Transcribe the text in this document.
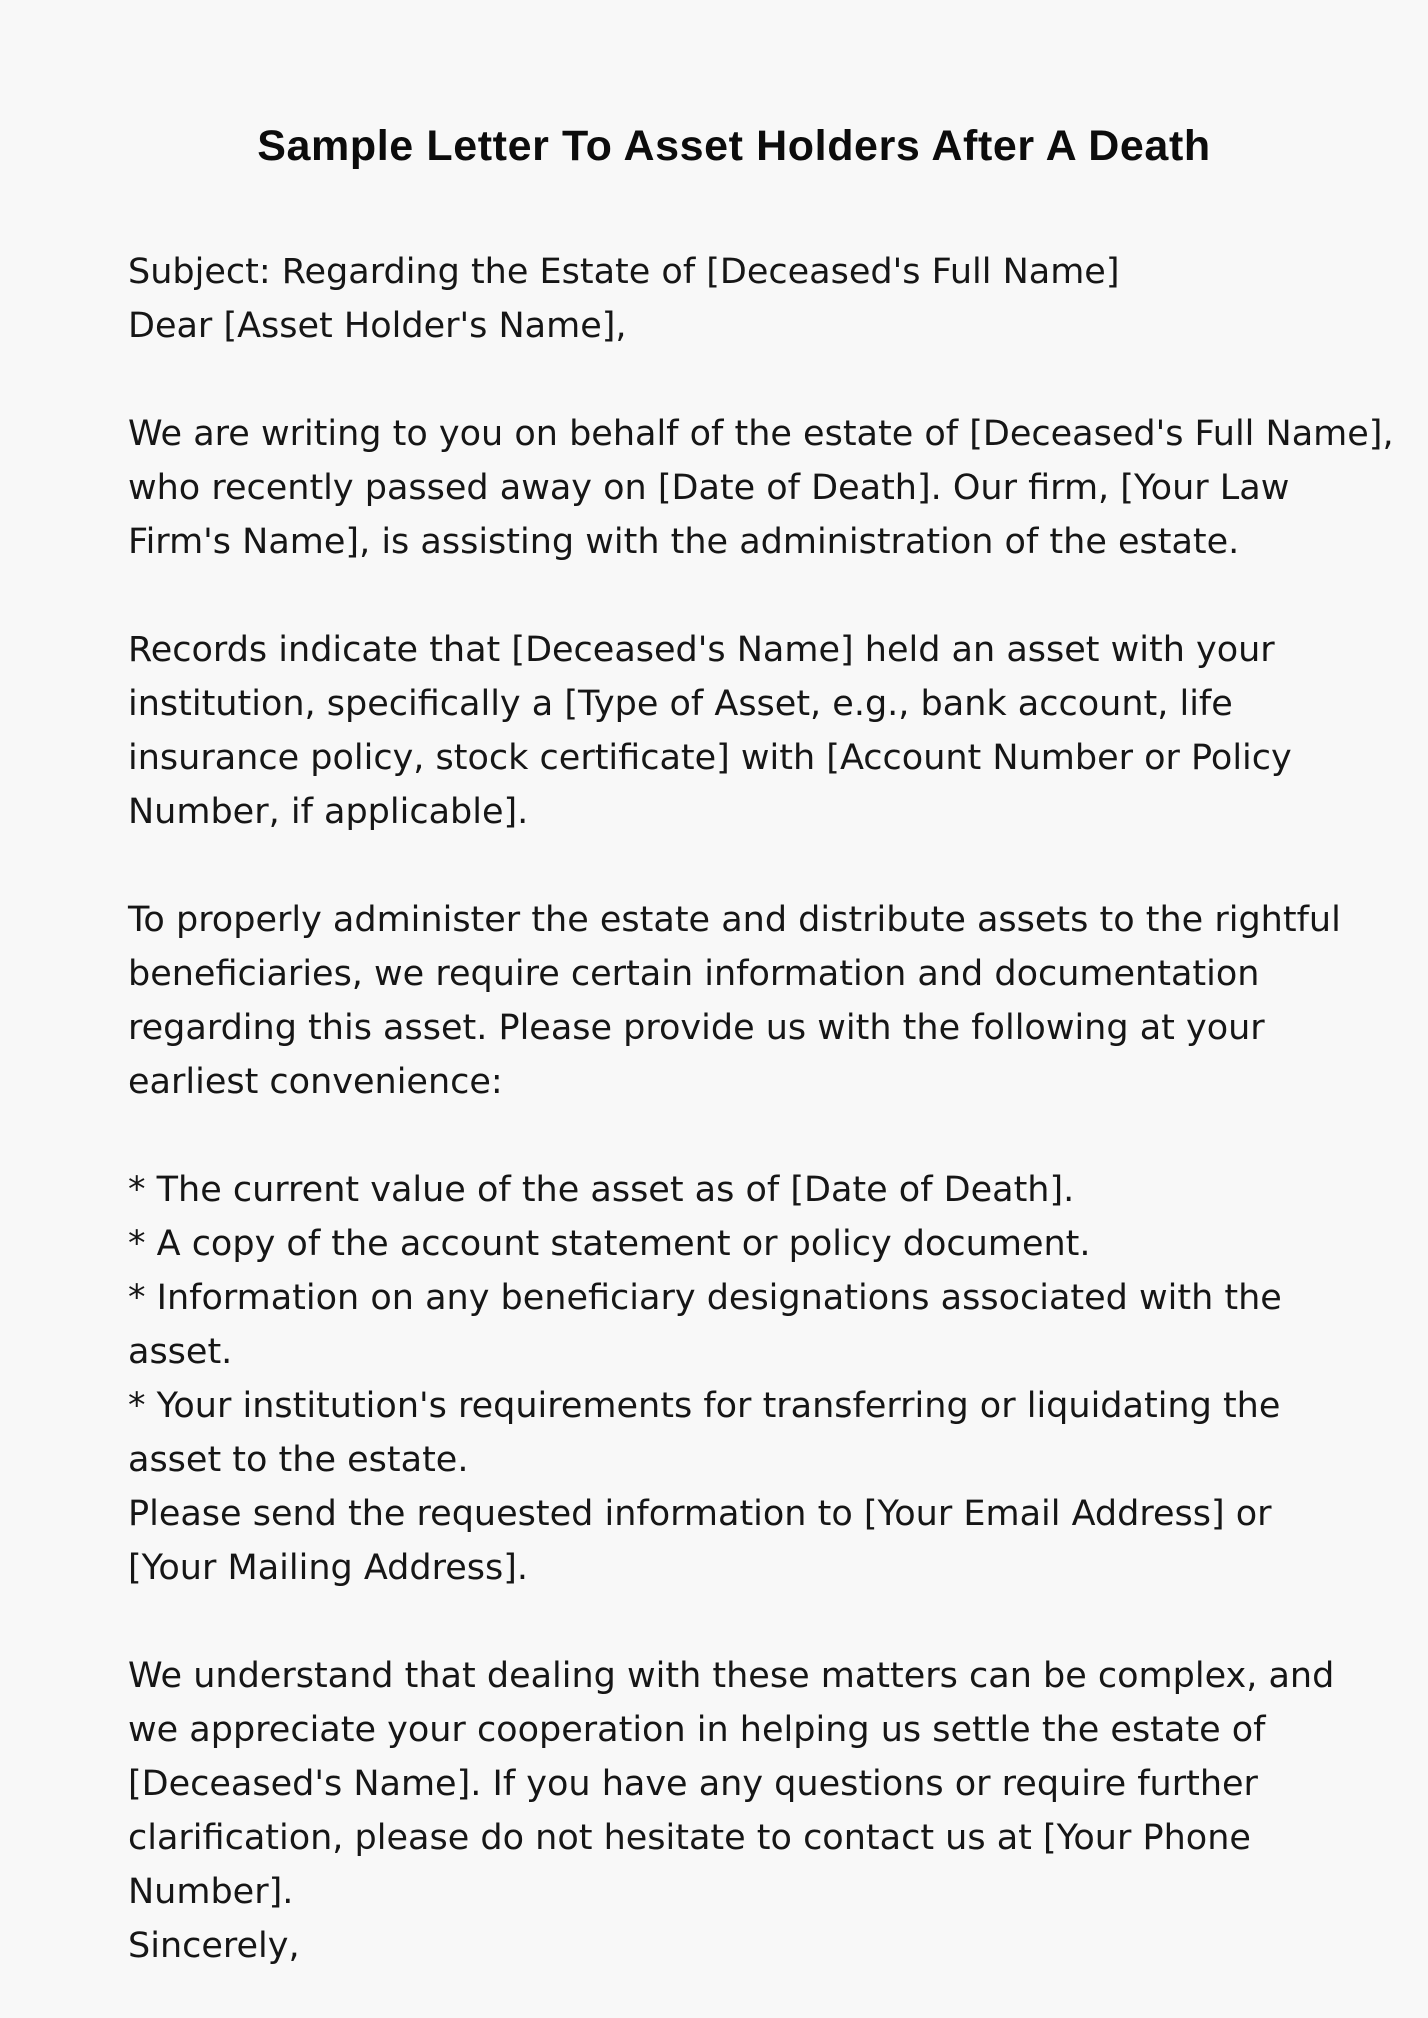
Sample Letter To Asset Holders After A Death
Subject: Regarding the Estate of [Deceased's Full Name]
Dear [Asset Holder's Name],
We are writing to you on behalf of the estate of [Deceased's Full Name],
who recently passed away on [Date of Death]. Our firm, [Your Law
Firm's Name], is assisting with the administration of the estate.
Records indicate that [Deceased's Name] held an asset with your
institution, specifically a [Type of Asset, e.g., bank account, life
insurance policy, stock certificate] with [Account Number or Policy
Number, if applicable].
To properly administer the estate and distribute assets to the rightful
beneficiaries, we require certain information and documentation
regarding this asset. Please provide us with the following at your
earliest convenience:
* The current value of the asset as of [Date of Death].
* A copy of the account statement or policy document.
* Information on any beneficiary designations associated with the
asset.
* Your institution's requirements for transferring or liquidating the
asset to the estate.
Please send the requested information to [Your Email Address] or
[Your Mailing Address].
We understand that dealing with these matters can be complex, and
we appreciate your cooperation in helping us settle the estate of
[Deceased's Name]. If you have any questions or require further
clarification, please do not hesitate to contact us at [Your Phone
Number].
Sincerely,
